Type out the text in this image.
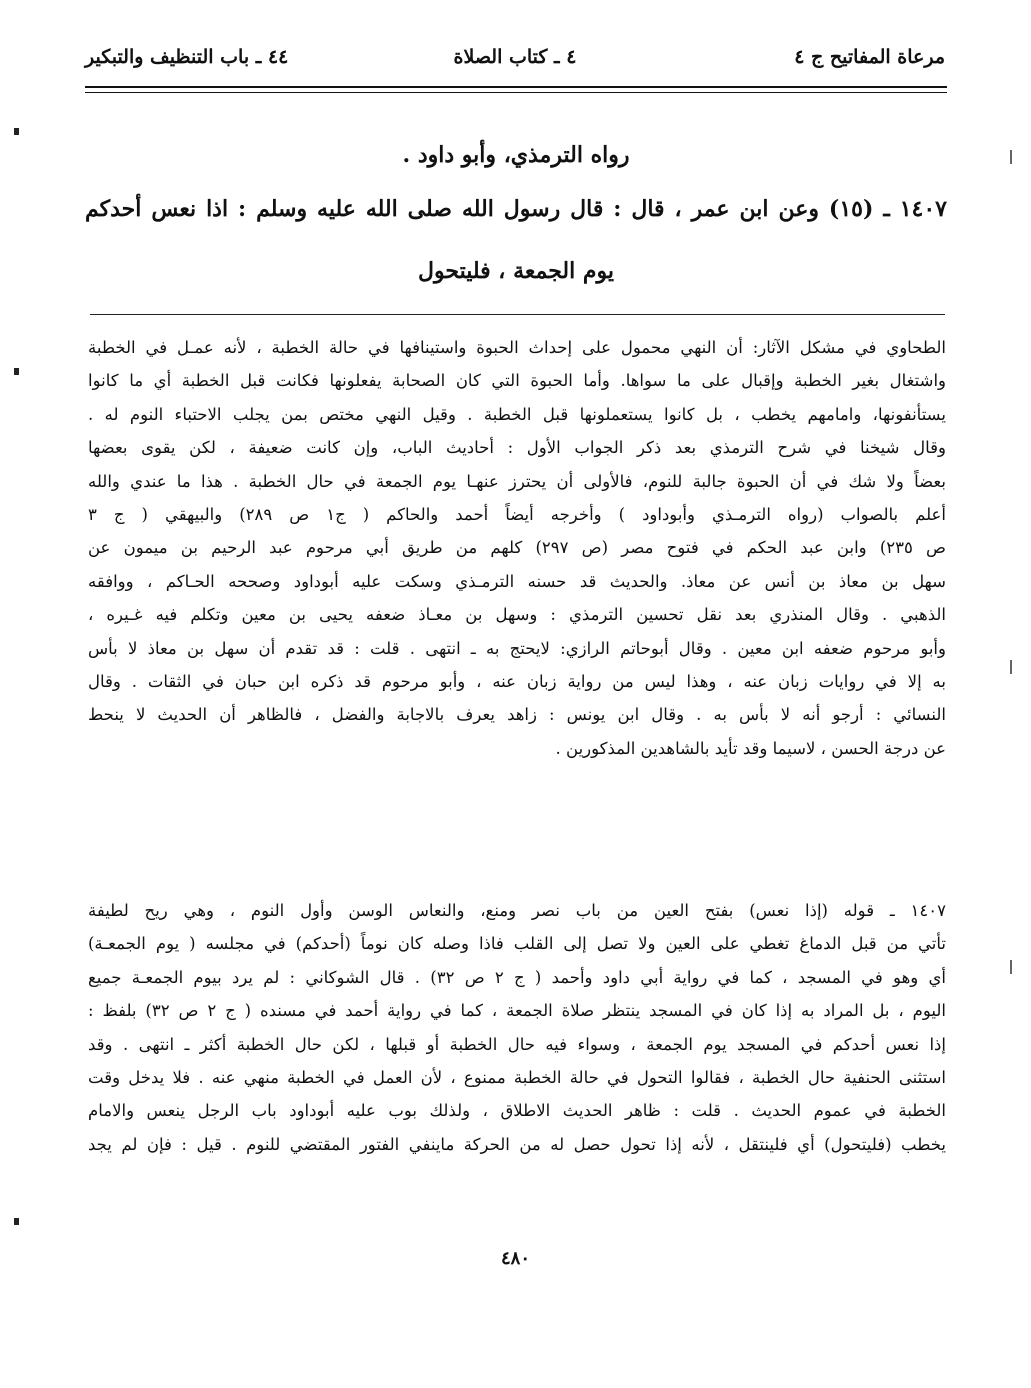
مرعاة المفاتيح ج ٤
٤ ـ كتاب الصلاة
٤٤ ـ باب التنظيف والتبكير
رواه الترمذي، وأبو داود .
١٤٠٧ ـ (١٥) وعن ابن عمر ، قال : قال رسول الله صلى الله عليه وسلم : اذا نعس أحدكم
يوم الجمعة ، فليتحول

الطحاوي في مشكل الآثار: أن النهي محمول على إحداث الحبوة واستينافها في حالة الخطبة ، لأنه عمـل في الخطبة

واشتغال بغير الخطبة وإقبال على ما سواها. وأما الحبوة التي كان الصحابة يفعلونها فكانت قبل الخطبة أي ما كانوا

يستأنفونها، وامامهم يخطب ، بل كانوا يستعملونها قبل الخطبة . وقيل النهي مختص بمن يجلب الاحتباء النوم له .

وقال شيخنا في شرح الترمذي بعد ذكر الجواب الأول : أحاديث الباب، وإن كانت ضعيفة ، لكن يقوى بعضها

بعضاً ولا شك في أن الحبوة جالبة للنوم، فالأولى أن يحترز عنهـا يوم الجمعة في حال الخطبة . هذا ما عندي والله

أعلم بالصواب (رواه الترمـذي وأبوداود ) وأخرجه أيضاً أحمد والحاكم ( ج١ ص ٢٨٩) والبيهقي ( ج ٣

ص ٢٣٥) وابن عبد الحكم في فتوح مصر (ص ٢٩٧) كلهم من طريق أبي مرحوم عبد الرحيم بن ميمون عن

سهل بن معاذ بن أنس عن معاذ. والحديث قد حسنه الترمـذي وسكت عليه أبوداود وصححه الحـاكم ، ووافقه

الذهبي . وقال المنذري بعد نقل تحسين الترمذي : وسهل بن معـاذ ضعفه يحيى بن معين وتكلم فيه غـيره ،

وأبو مرحوم ضعفه ابن معين . وقال أبوحاتم الرازي: لايحتج به ـ انتهى . قلت : قد تقدم أن سهل بن معاذ لا بأس

به إلا في روايات زبان عنه ، وهذا ليس من رواية زبان عنه ، وأبو مرحوم قد ذكره ابن حبان في الثقات . وقال

النسائي : أرجو أنه لا بأس به . وقال ابن يونس : زاهد يعرف بالاجابة والفضل ، فالظاهر أن الحديث لا ينحط

عن درجة الحسن ، لاسيما وقد تأيد بالشاهدين المذكورين .

١٤٠٧ ـ قوله (إذا نعس) بفتح العين من باب نصر ومنع، والنعاس الوسن وأول النوم ، وهي ريح لطيفة

تأتي من قبل الدماغ تغطي على العين ولا تصل إلى القلب فاذا وصله كان نوماً (أحدكم) في مجلسه ( يوم الجمعـة)

أي وهو في المسجد ، كما في رواية أبي داود وأحمد ( ج ٢ ص ٣٢) . قال الشوكاني : لم يرد بيوم الجمعـة جميع

اليوم ، بل المراد به إذا كان في المسجد ينتظر صلاة الجمعة ، كما في رواية أحمد في مسنده ( ج ٢ ص ٣٢) بلفظ :

إذا نعس أحدكم في المسجد يوم الجمعة ، وسواء فيه حال الخطبة أو قبلها ، لكن حال الخطبة أكثر ـ انتهى . وقد

استثنى الحنفية حال الخطبة ، فقالوا التحول في حالة الخطبة ممنوع ، لأن العمل في الخطبة منهي عنه . فلا يدخل وقت

الخطبة في عموم الحديث . قلت : ظاهر الحديث الاطلاق ، ولذلك بوب عليه أبوداود باب الرجل ينعس والامام

يخطب (فليتحول) أي فلينتقل ، لأنه إذا تحول حصل له من الحركة ماينفي الفتور المقتضي للنوم . قيل : فإن لم يجد

٤٨٠
